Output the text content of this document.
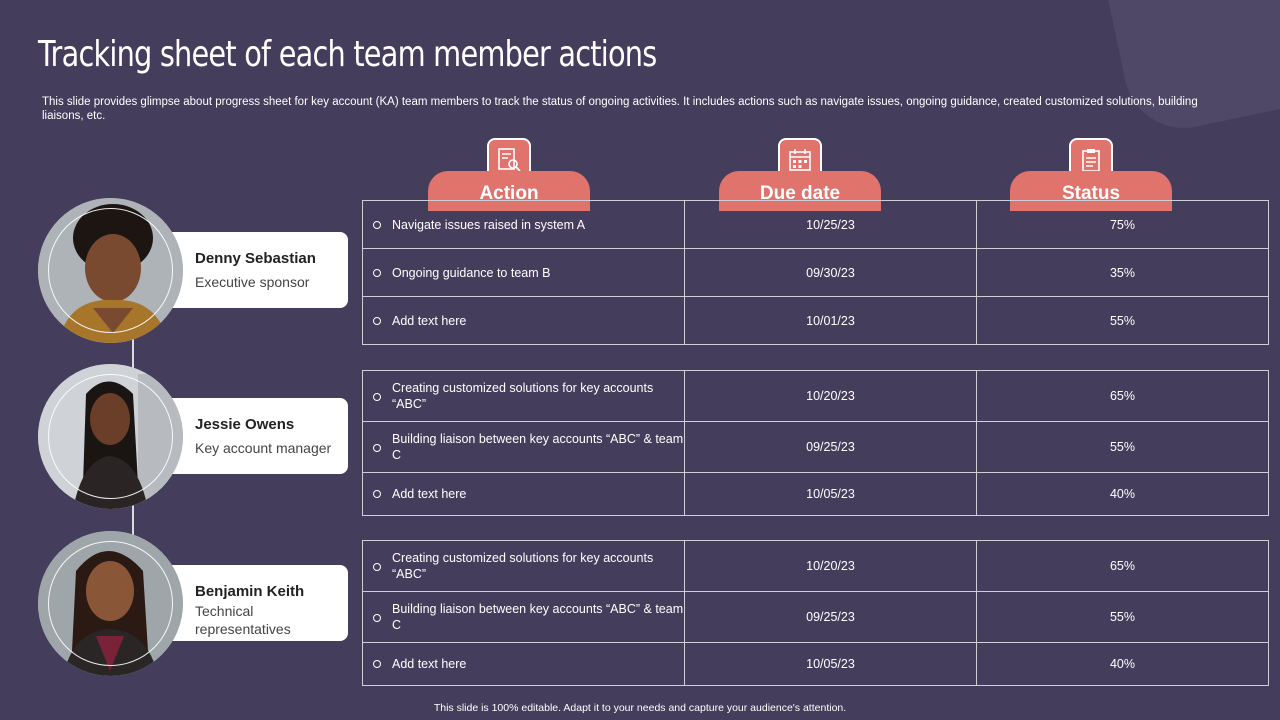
Tracking sheet of each team member actions
This slide provides glimpse about progress sheet for key account (KA) team members to track the status of ongoing activities. It includes actions such as navigate issues, ongoing guidance, created customized solutions, building liaisons, etc.
Denny Sebastian
Executive sponsor
Jessie Owens
Key account manager
Benjamin Keith
Technical representatives
Action	Due date	Status
Navigate issues raised in system A	10/25/23	75%

Ongoing guidance to team B	09/30/23	35%

Add text here	10/01/23	55%
Creating customized solutions for key accounts “ABC”	10/20/23	65%

Building liaison between key accounts “ABC” & team C	09/25/23	55%

Add text here	10/05/23	40%
Creating customized solutions for key accounts “ABC”	10/20/23	65%

Building liaison between key accounts “ABC” & team C	09/25/23	55%

Add text here	10/05/23	40%
This slide is 100% editable. Adapt it to your needs and capture your audience's attention.
